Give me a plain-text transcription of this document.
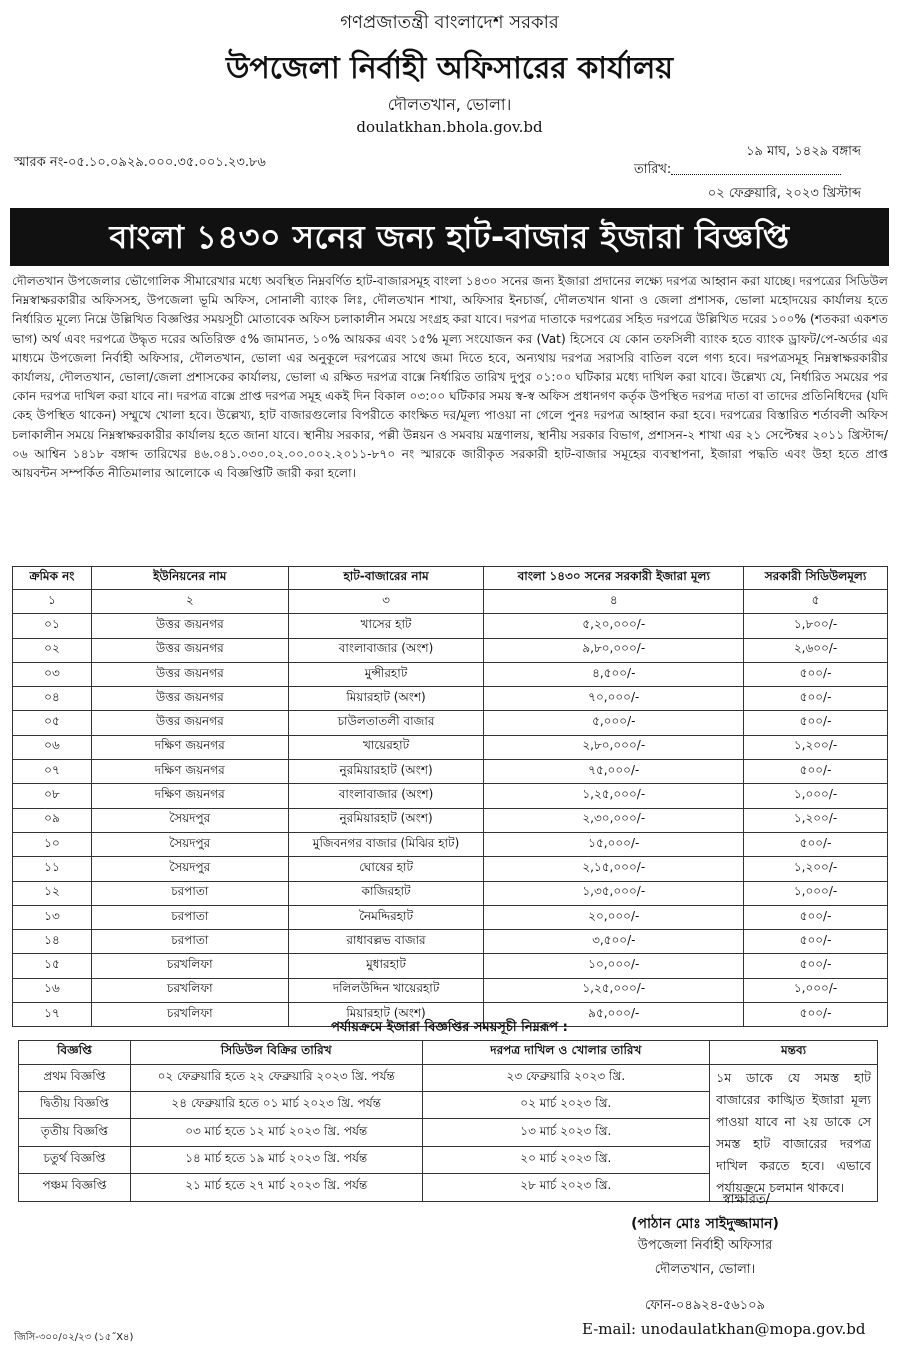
গণপ্রজাতন্ত্রী বাংলাদেশ সরকার
উপজেলা নির্বাহী অফিসারের কার্যালয়
দৌলতখান, ভোলা।
doulatkhan.bhola.gov.bd
স্মারক নং-০৫.১০.০৯২৯.০০০.৩৫.০০১.২৩.৮৬
১৯ মাঘ, ১৪২৯ বঙ্গাব্দ
তারিখ:
০২ ফেব্রুয়ারি, ২০২৩ খ্রিস্টাব্দ
বাংলা ১৪৩০ সনের জন্য হাট-বাজার ইজারা বিজ্ঞপ্তি
দৌলতখান উপজেলার ভৌগোলিক সীমারেখার মধ্যে অবস্থিত নিম্নবর্ণিত হাট-বাজারসমূহ বাংলা ১৪৩০ সনের জন্য ইজারা প্রদানের লক্ষ্যে দরপত্র আহ্বান করা যাচ্ছে। দরপত্রের সিডিউল নিম্নস্বাক্ষরকারীর অফিসসহ, উপজেলা ভূমি অফিস, সোনালী ব্যাংক লিঃ, দৌলতখান শাখা, অফিসার ইনচার্জ, দৌলতখান থানা ও জেলা প্রশাসক, ভোলা মহোদয়ের কার্যালয় হতে নির্ধারিত মূল্যে নিম্নে উল্লিখিত বিজ্ঞপ্তির সময়সূচী মোতাবেক অফিস চলাকালীন সময়ে সংগ্রহ করা যাবে। দরপত্র দাতাকে দরপত্রের সহিত দরপত্রে উল্লিখিত দরের ১০০% (শতকরা একশত ভাগ) অর্থ এবং দরপত্রে উদ্ধৃত দরের অতিরিক্ত ৫% জামানত, ১০% আয়কর এবং ১৫% মূল্য সংযোজন কর (Vat) হিসেবে যে কোন তফসিলী ব্যাংক হতে ব্যাংক ড্রাফট/পে-অর্ডার এর মাধ্যমে উপজেলা নির্বাহী অফিসার, দৌলতখান, ভোলা এর অনুকূলে দরপত্রের সাথে জমা দিতে হবে, অন্যথায় দরপত্র সরাসরি বাতিল বলে গণ্য হবে। দরপত্রসমূহ নিম্নস্বাক্ষরকারীর কার্যালয়, দৌলতখান, ভোলা/জেলা প্রশাসকের কার্যালয়, ভোলা এ রক্ষিত দরপত্র বাক্সে নির্ধারিত তারিখ দুপুর ০১:০০ ঘটিকার মধ্যে দাখিল করা যাবে। উল্লেখ্য যে, নির্ধারিত সময়ের পর কোন দরপত্র দাখিল করা যাবে না। দরপত্র বাক্সে প্রাপ্ত দরপত্র সমূহ একই দিন বিকাল ০৩:০০ ঘটিকার সময় স্ব-স্ব অফিস প্রধানগণ কর্তৃক উপস্থিত দরপত্র দাতা বা তাদের প্রতিনিধিদের (যদি কেহ উপস্থিত থাকেন) সম্মুখে খোলা হবে। উল্লেখ্য, হাট বাজারগুলোর বিপরীতে কাংক্ষিত দর/মূল্য পাওয়া না গেলে পুনঃ দরপত্র আহ্বান করা হবে। দরপত্রের বিস্তারিত শর্তাবলী অফিস চলাকালীন সময়ে নিম্নস্বাক্ষরকারীর কার্যালয় হতে জানা যাবে। স্থানীয় সরকার, পল্লী উন্নয়ন ও সমবায় মন্ত্রণালয়, স্থানীয় সরকার বিভাগ, প্রশাসন-২ শাখা এর ২১ সেপ্টেম্বর ২০১১ খ্রিস্টাব্দ/০৬ আশ্বিন ১৪১৮ বঙ্গাব্দ তারিখের ৪৬.০৪১.০৩০.০২.০০.০০২.২০১১-৮৭০ নং স্মারকে জারীকৃত সরকারী হাট-বাজার সমূহের ব্যবস্থাপনা, ইজারা পদ্ধতি এবং উহা হতে প্রাপ্ত আয়বন্টন সম্পর্কিত নীতিমালার আলোকে এ বিজ্ঞপ্তিটি জারী করা হলো।
ক্রমিক নং	ইউনিয়নের নাম	হাট-বাজারের নাম	বাংলা ১৪৩০ সনের সরকারী ইজারা মূল্য	সরকারী সিডিউলমূল্য
১	২	৩	৪	৫
০১	উত্তর জয়নগর	খাসের হাট	৫,২০,০০০/-	১,৮০০/-
০২	উত্তর জয়নগর	বাংলাবাজার (অংশ)	৯,৮০,০০০/-	২,৬০০/-
০৩	উত্তর জয়নগর	মুন্সীরহাট	৪,৫০০/-	৫০০/-
০৪	উত্তর জয়নগর	মিয়ারহাট (অংশ)	৭০,০০০/-	৫০০/-
০৫	উত্তর জয়নগর	চাউলতাতলী বাজার	৫,০০০/-	৫০০/-
০৬	দক্ষিণ জয়নগর	খায়েরহাট	২,৮০,০০০/-	১,২০০/-
০৭	দক্ষিণ জয়নগর	নুরমিয়ারহাট (অংশ)	৭৫,০০০/-	৫০০/-
০৮	দক্ষিণ জয়নগর	বাংলাবাজার (অংশ)	১,২৫,০০০/-	১,০০০/-
০৯	সৈয়দপুর	নুরমিয়ারহাট (অংশ)	২,৩০,০০০/-	১,২০০/-
১০	সৈয়দপুর	মুজিবনগর বাজার (মিঝির হাট)	১৫,০০০/-	৫০০/-
১১	সৈয়দপুর	ঘোষের হাট	২,১৫,০০০/-	১,২০০/-
১২	চরপাতা	কাজিরহাট	১,৩৫,০০০/-	১,০০০/-
১৩	চরপাতা	নৈমদ্দিরহাট	২০,০০০/-	৫০০/-
১৪	চরপাতা	রাধাবল্লভ বাজার	৩,৫০০/-	৫০০/-
১৫	চরখলিফা	মুধারহাট	১০,০০০/-	৫০০/-
১৬	চরখলিফা	দলিলউদ্দিন খায়েরহাট	১,২৫,০০০/-	১,০০০/-
১৭	চরখলিফা	মিয়ারহাট (অংশ)	৯৫,০০০/-	৫০০/-
পর্যায়ক্রমে ইজারা বিজ্ঞপ্তির সময়সূচী নিম্নরূপ :
বিজ্ঞপ্তি	সিডিউল বিক্রির তারিখ	দরপত্র দাখিল ও খোলার তারিখ	মন্তব্য
প্রথম বিজ্ঞপ্তি	০২ ফেব্রুয়ারি হতে ২২ ফেব্রুয়ারি ২০২৩ খ্রি. পর্যন্ত	২৩ ফেব্রুয়ারি ২০২৩ খ্রি.	১ম ডাকে যে সমস্ত হাট বাজারের কাঙ্খিত ইজারা মূল্য পাওয়া যাবে না ২য় ডাকে সে সমস্ত হাট বাজারের দরপত্র দাখিল করতে হবে। এভাবে পর্যায়ক্রমে চলমান থাকবে।
দ্বিতীয় বিজ্ঞপ্তি	২৪ ফেব্রুয়ারি হতে ০১ মার্চ ২০২৩ খ্রি. পর্যন্ত	০২ মার্চ ২০২৩ খ্রি.	
তৃতীয় বিজ্ঞপ্তি	০৩ মার্চ হতে ১২ মার্চ ২০২৩ খ্রি. পর্যন্ত	১৩ মার্চ ২০২৩ খ্রি.	
চতুর্থ বিজ্ঞপ্তি	১৪ মার্চ হতে ১৯ মার্চ ২০২৩ খ্রি. পর্যন্ত	২০ মার্চ ২০২৩ খ্রি.	
পঞ্চম বিজ্ঞপ্তি	২১ মার্চ হতে ২৭ মার্চ ২০২৩ খ্রি. পর্যন্ত	২৮ মার্চ ২০২৩ খ্রি.	
স্বাক্ষরিত/
(পাঠান মোঃ সাইদুজ্জামান)
উপজেলা নির্বাহী অফিসার
দৌলতখান, ভোলা।
ফোন-০৪৯২৪-৫৬১০৯
E-mail: unodaulatkhan@mopa.gov.bd
জিসি-৩০০/০২/২৩ (১৫˝X৪)
